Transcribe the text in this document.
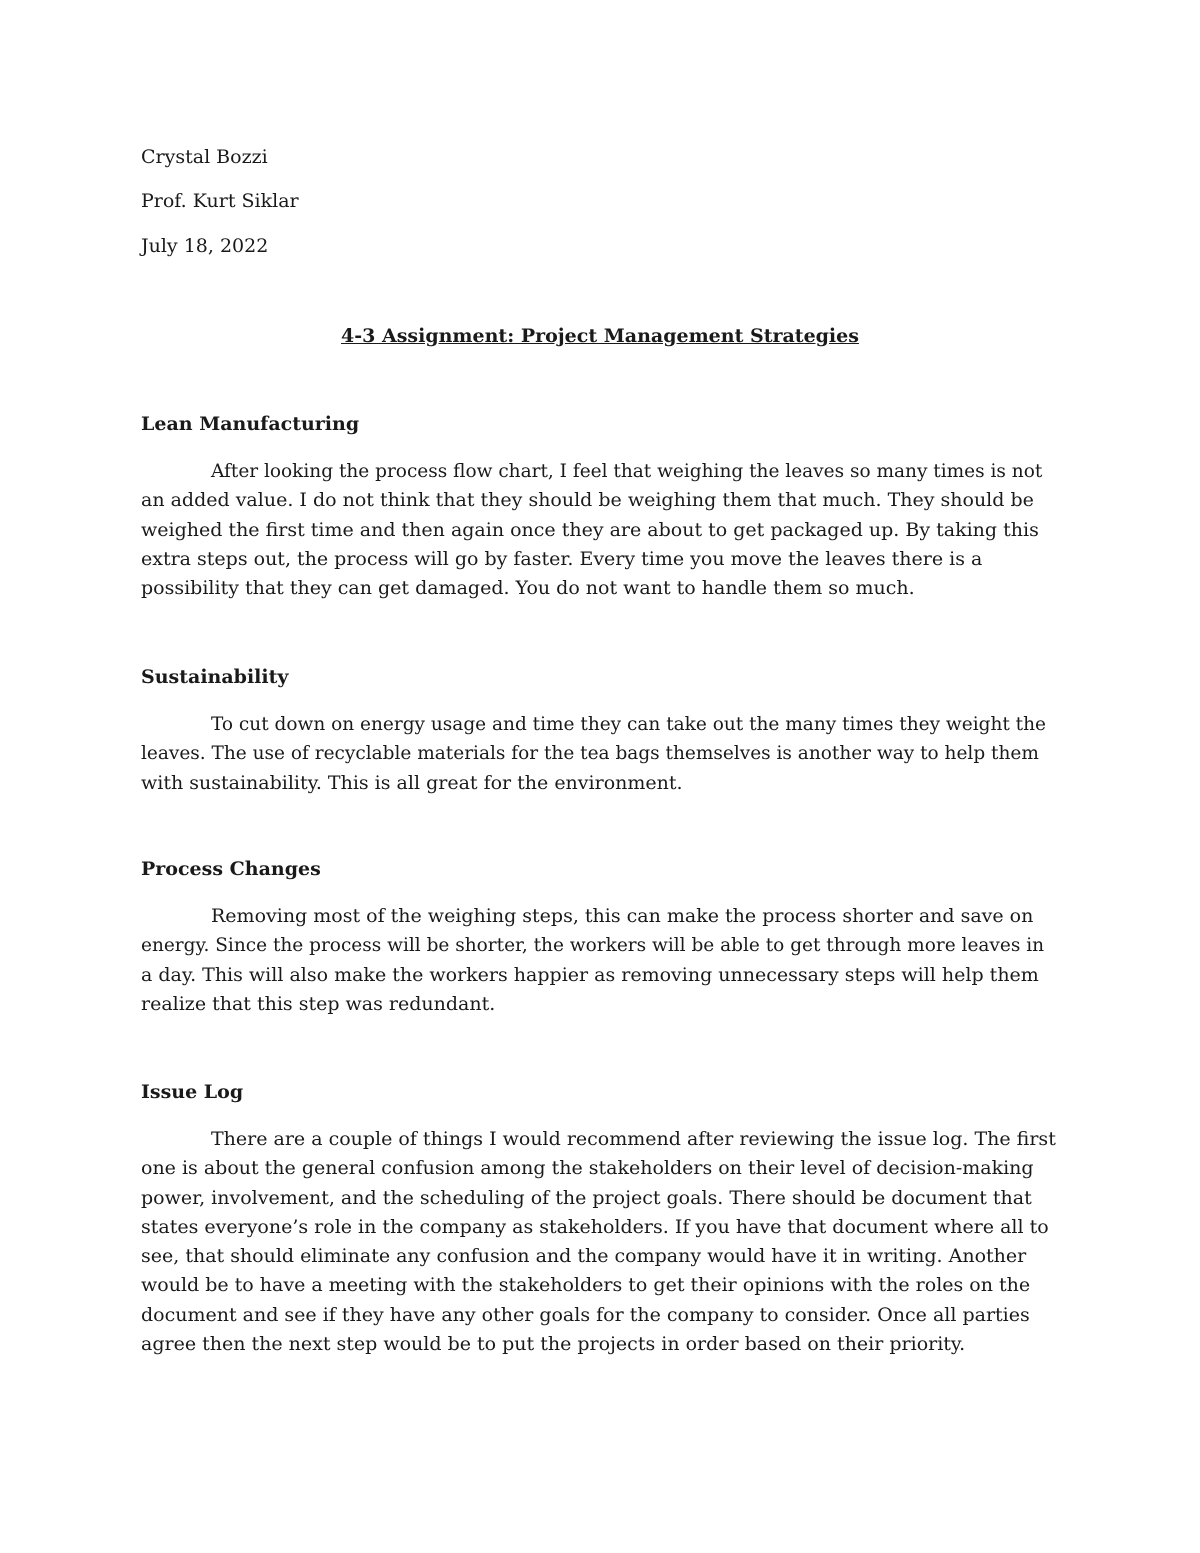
Crystal Bozzi
Prof. Kurt Siklar
July 18, 2022
4-3 Assignment: Project Management Strategies
Lean Manufacturing

After looking the process flow chart, I feel that weighing the leaves so many times is not
an added value. I do not think that they should be weighing them that much. They should be
weighed the first time and then again once they are about to get packaged up. By taking this
extra steps out, the process will go by faster. Every time you move the leaves there is a
possibility that they can get damaged. You do not want to handle them so much.

Sustainability

To cut down on energy usage and time they can take out the many times they weight the
leaves. The use of recyclable materials for the tea bags themselves is another way to help them
with sustainability. This is all great for the environment.

Process Changes

Removing most of the weighing steps, this can make the process shorter and save on
energy. Since the process will be shorter, the workers will be able to get through more leaves in
a day. This will also make the workers happier as removing unnecessary steps will help them
realize that this step was redundant.

Issue Log

There are a couple of things I would recommend after reviewing the issue log. The first
one is about the general confusion among the stakeholders on their level of decision-making
power, involvement, and the scheduling of the project goals. There should be document that
states everyone’s role in the company as stakeholders. If you have that document where all to
see, that should eliminate any confusion and the company would have it in writing. Another
would be to have a meeting with the stakeholders to get their opinions with the roles on the
document and see if they have any other goals for the company to consider. Once all parties
agree then the next step would be to put the projects in order based on their priority.
